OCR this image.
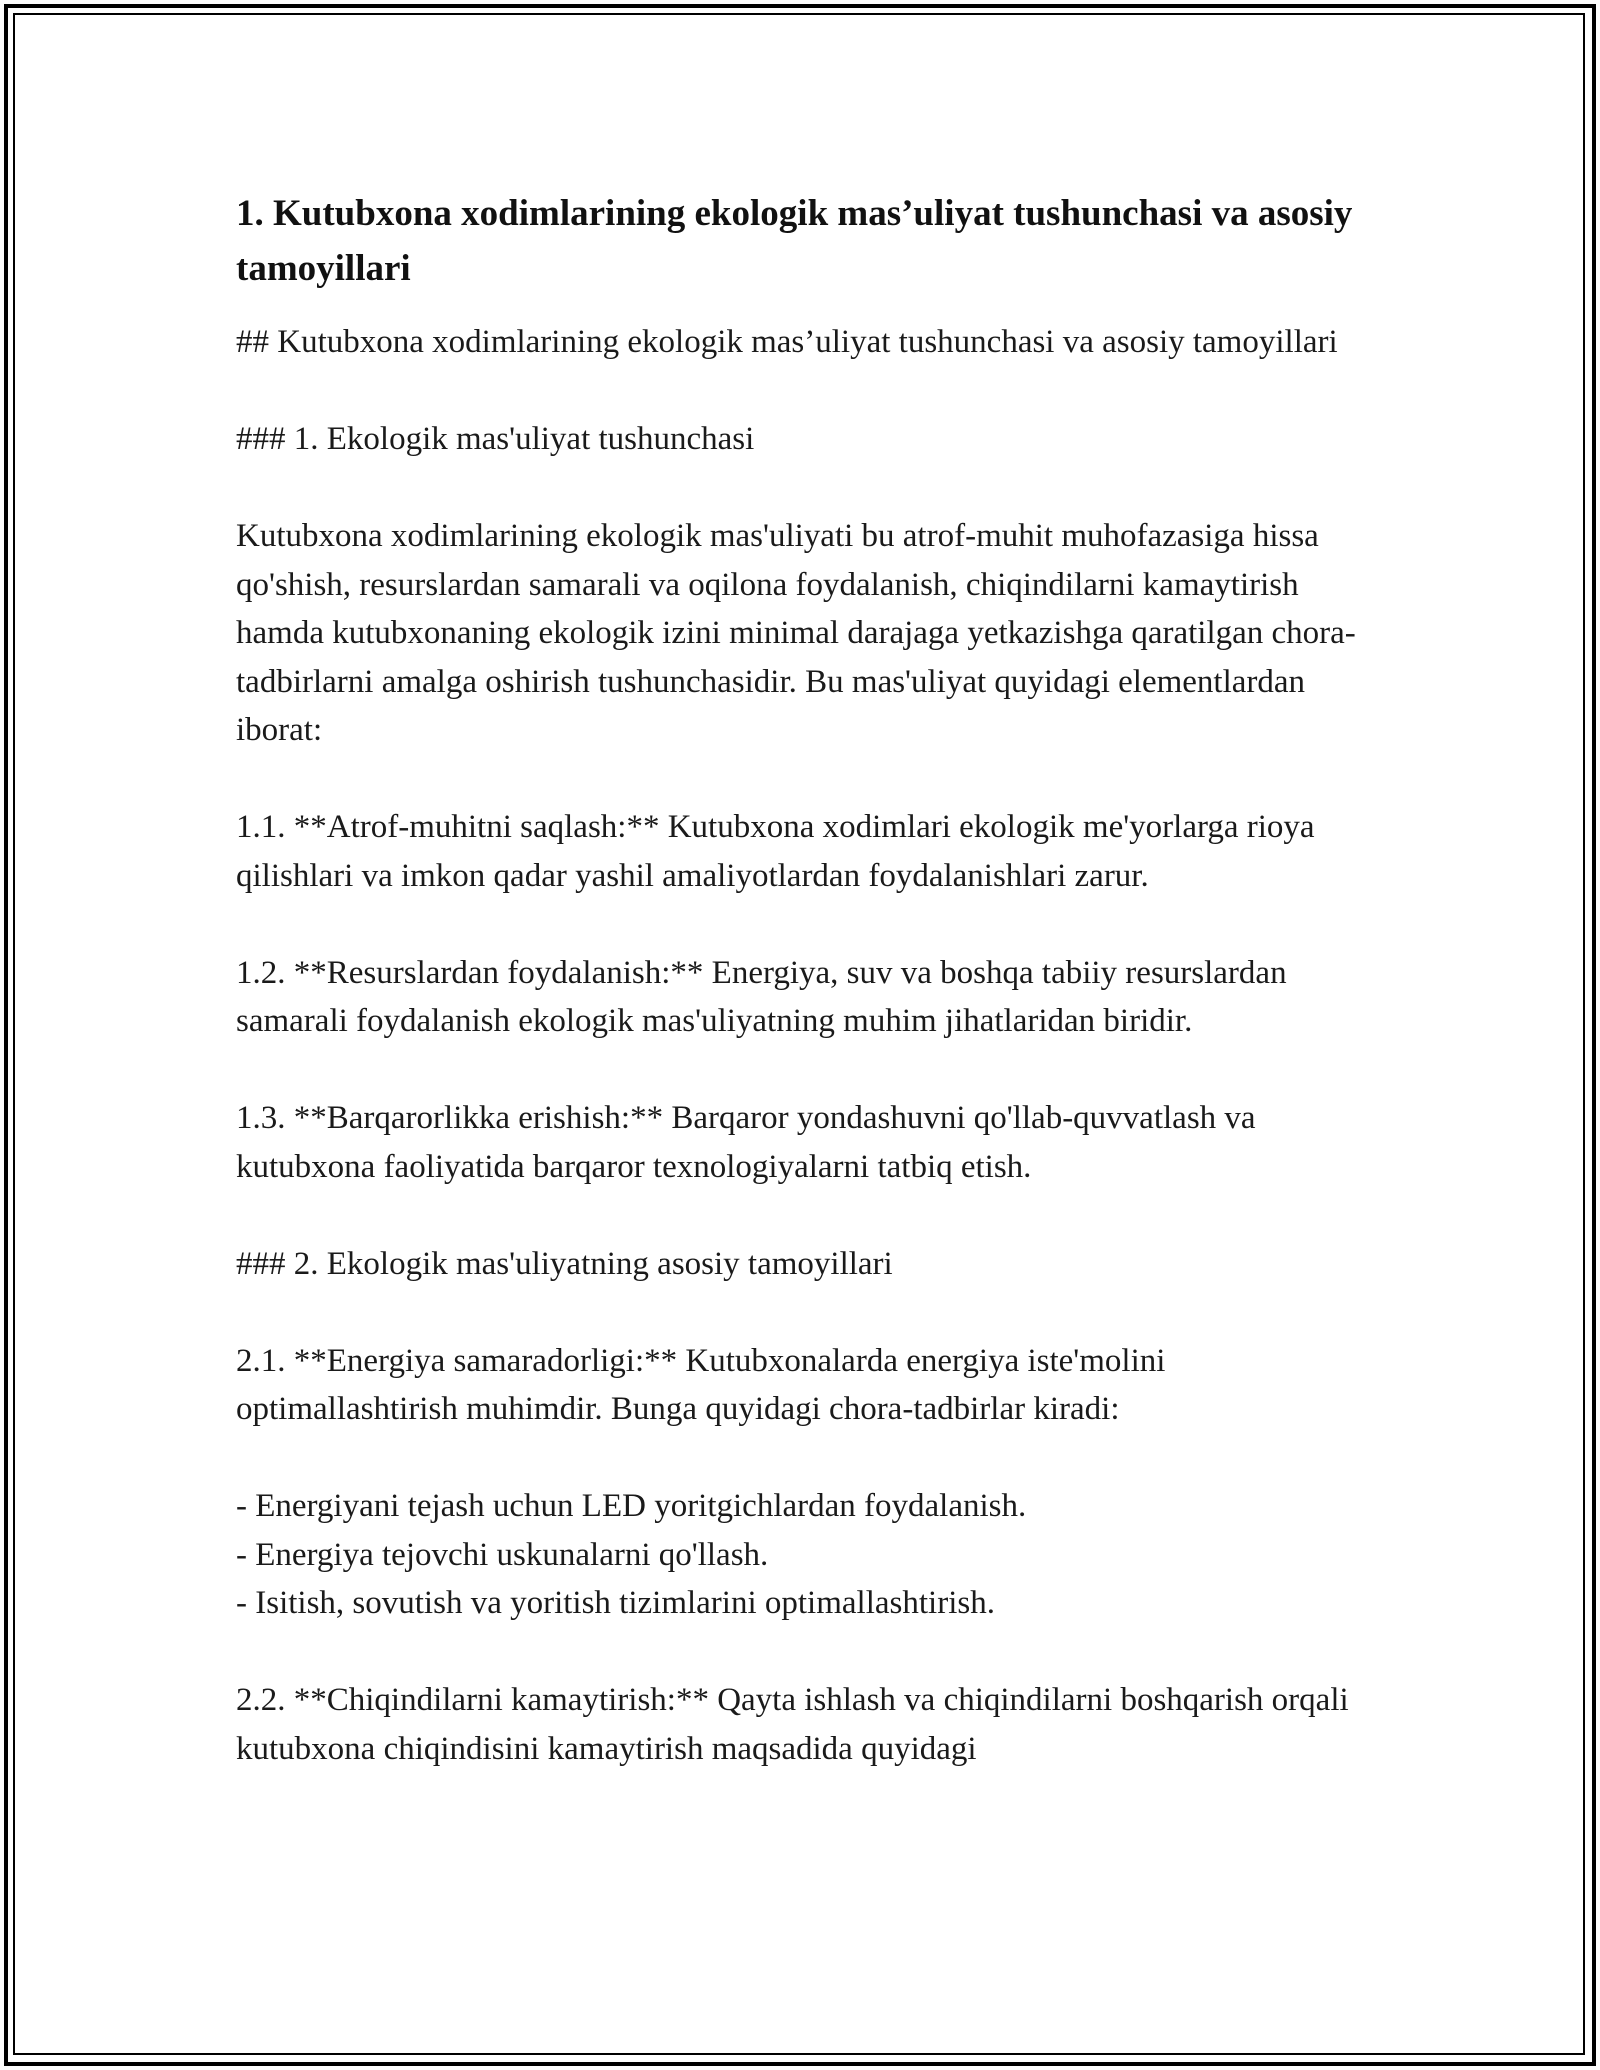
1. Kutubxona xodimlarining ekologik mas’uliyat tushunchasi va asosiy tamoyillari

## Kutubxona xodimlarining ekologik mas’uliyat tushunchasi va asosiy tamoyillari

### 1. Ekologik mas'uliyat tushunchasi

Kutubxona xodimlarining ekologik mas'uliyati bu atrof-muhit muhofazasiga hissa qo'shish, resurslardan samarali va oqilona foydalanish, chiqindilarni kamaytirish hamda kutubxonaning ekologik izini minimal darajaga yetkazishga qaratilgan chora-tadbirlarni amalga oshirish tushunchasidir. Bu mas'uliyat quyidagi elementlardan iborat:

1.1. **Atrof-muhitni saqlash:** Kutubxona xodimlari ekologik me'yorlarga rioya qilishlari va imkon qadar yashil amaliyotlardan foydalanishlari zarur.

1.2. **Resurslardan foydalanish:** Energiya, suv va boshqa tabiiy resurslardan samarali foydalanish ekologik mas'uliyatning muhim jihatlaridan biridir.

1.3. **Barqarorlikka erishish:** Barqaror yondashuvni qo'llab-quvvatlash va kutubxona faoliyatida barqaror texnologiyalarni tatbiq etish.

### 2. Ekologik mas'uliyatning asosiy tamoyillari

2.1. **Energiya samaradorligi:** Kutubxonalarda energiya iste'molini optimallashtirish muhimdir. Bunga quyidagi chora-tadbirlar kiradi:

- Energiyani tejash uchun LED yoritgichlardan foydalanish.

- Energiya tejovchi uskunalarni qo'llash.

- Isitish, sovutish va yoritish tizimlarini optimallashtirish.

2.2. **Chiqindilarni kamaytirish:** Qayta ishlash va chiqindilarni boshqarish orqali kutubxona chiqindisini kamaytirish maqsadida quyidagi
